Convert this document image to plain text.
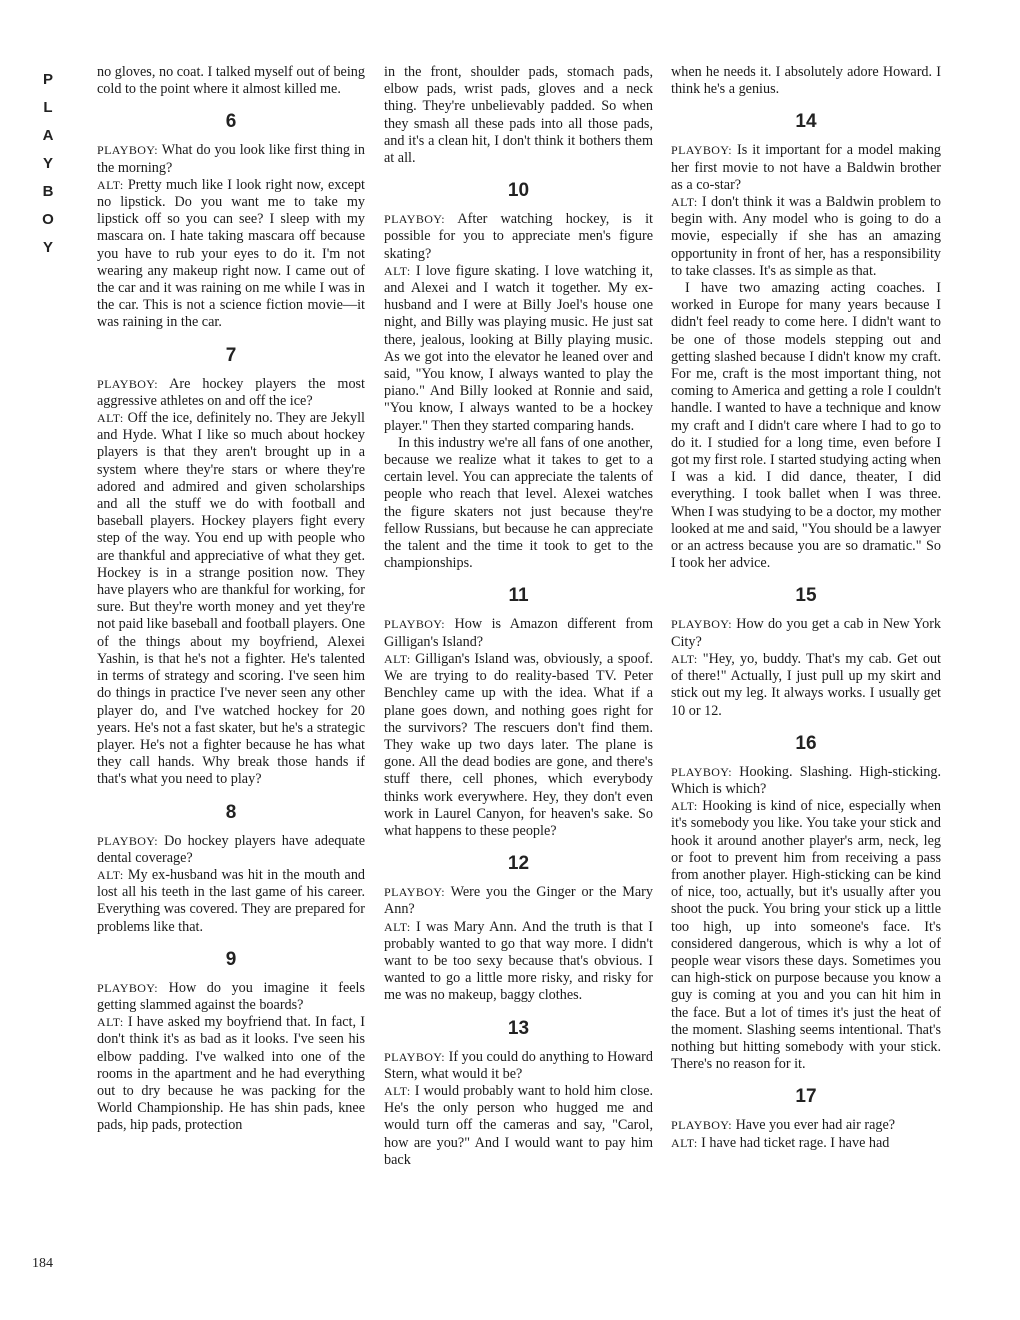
P
L
A
Y
B
O
Y
184

no gloves, no coat. I talked myself out of being cold to the point where it almost killed me.

6

PLAYBOY: What do you look like first thing in the morning?

ALT: Pretty much like I look right now, except no lipstick. Do you want me to take my lipstick off so you can see? I sleep with my mascara on. I hate taking mascara off because you have to rub your eyes to do it. I'm not wearing any makeup right now. I came out of the car and it was raining on me while I was in the car. This is not a science fiction movie—it was raining in the car.

7

PLAYBOY: Are hockey players the most aggressive athletes on and off the ice?

ALT: Off the ice, definitely no. They are Jekyll and Hyde. What I like so much about hockey players is that they aren't brought up in a system where they're stars or where they're adored and admired and given scholarships and all the stuff we do with football and baseball players. Hockey players fight every step of the way. You end up with people who are thankful and appreciative of what they get. Hockey is in a strange position now. They have players who are thankful for working, for sure. But they're worth money and yet they're not paid like baseball and football players. One of the things about my boyfriend, Alexei Yashin, is that he's not a fighter. He's talented in terms of strategy and scoring. I've seen him do things in practice I've never seen any other player do, and I've watched hockey for 20 years. He's not a fast skater, but he's a strategic player. He's not a fighter because he has what they call hands. Why break those hands if that's what you need to play?

8

PLAYBOY: Do hockey players have adequate dental coverage?

ALT: My ex-husband was hit in the mouth and lost all his teeth in the last game of his career. Everything was covered. They are prepared for problems like that.

9

PLAYBOY: How do you imagine it feels getting slammed against the boards?

ALT: I have asked my boyfriend that. In fact, I don't think it's as bad as it looks. I've seen his elbow padding. I've walked into one of the rooms in the apartment and he had everything out to dry because he was packing for the World Championship. He has shin pads, knee pads, hip pads, protection

in the front, shoulder pads, stomach pads, elbow pads, wrist pads, gloves and a neck thing. They're unbelievably padded. So when they smash all these pads into all those pads, and it's a clean hit, I don't think it bothers them at all.

10

PLAYBOY: After watching hockey, is it possible for you to appreciate men's figure skating?

ALT: I love figure skating. I love watching it, and Alexei and I watch it together. My ex-husband and I were at Billy Joel's house one night, and Billy was playing music. He just sat there, jealous, looking at Billy playing music. As we got into the elevator he leaned over and said, "You know, I always wanted to play the piano." And Billy looked at Ronnie and said, "You know, I always wanted to be a hockey player." Then they started comparing hands.

In this industry we're all fans of one another, because we realize what it takes to get to a certain level. You can appreciate the talents of people who reach that level. Alexei watches the figure skaters not just because they're fellow Russians, but because he can appreciate the talent and the time it took to get to the championships.

11

PLAYBOY: How is Amazon different from Gilligan's Island?

ALT: Gilligan's Island was, obviously, a spoof. We are trying to do reality-based TV. Peter Benchley came up with the idea. What if a plane goes down, and nothing goes right for the survivors? The rescuers don't find them. They wake up two days later. The plane is gone. All the dead bodies are gone, and there's stuff there, cell phones, which everybody thinks work everywhere. Hey, they don't even work in Laurel Canyon, for heaven's sake. So what happens to these people?

12

PLAYBOY: Were you the Ginger or the Mary Ann?

ALT: I was Mary Ann. And the truth is that I probably wanted to go that way more. I didn't want to be too sexy because that's obvious. I wanted to go a little more risky, and risky for me was no makeup, baggy clothes.

13

PLAYBOY: If you could do anything to Howard Stern, what would it be?

ALT: I would probably want to hold him close. He's the only person who hugged me and would turn off the cameras and say, "Carol, how are you?" And I would want to pay him back

when he needs it. I absolutely adore Howard. I think he's a genius.

14

PLAYBOY: Is it important for a model making her first movie to not have a Baldwin brother as a co-star?

ALT: I don't think it was a Baldwin problem to begin with. Any model who is going to do a movie, especially if she has an amazing opportunity in front of her, has a responsibility to take classes. It's as simple as that.

I have two amazing acting coaches. I worked in Europe for many years because I didn't feel ready to come here. I didn't want to be one of those models stepping out and getting slashed because I didn't know my craft. For me, craft is the most important thing, not coming to America and getting a role I couldn't handle. I wanted to have a technique and know my craft and I didn't care where I had to go to do it. I studied for a long time, even before I got my first role. I started studying acting when I was a kid. I did dance, theater, I did everything. I took ballet when I was three. When I was studying to be a doctor, my mother looked at me and said, "You should be a lawyer or an actress because you are so dramatic." So I took her advice.

15

PLAYBOY: How do you get a cab in New York City?

ALT: "Hey, yo, buddy. That's my cab. Get out of there!" Actually, I just pull up my skirt and stick out my leg. It always works. I usually get 10 or 12.

16

PLAYBOY: Hooking. Slashing. High-sticking. Which is which?

ALT: Hooking is kind of nice, especially when it's somebody you like. You take your stick and hook it around another player's arm, neck, leg or foot to prevent him from receiving a pass from another player. High-sticking can be kind of nice, too, actually, but it's usually after you shoot the puck. You bring your stick up a little too high, up into someone's face. It's considered dangerous, which is why a lot of people wear visors these days. Sometimes you can high-stick on purpose because you know a guy is coming at you and you can hit him in the face. But a lot of times it's just the heat of the moment. Slashing seems intentional. That's nothing but hitting somebody with your stick. There's no reason for it.

17

PLAYBOY: Have you ever had air rage?

ALT: I have had ticket rage. I have had
